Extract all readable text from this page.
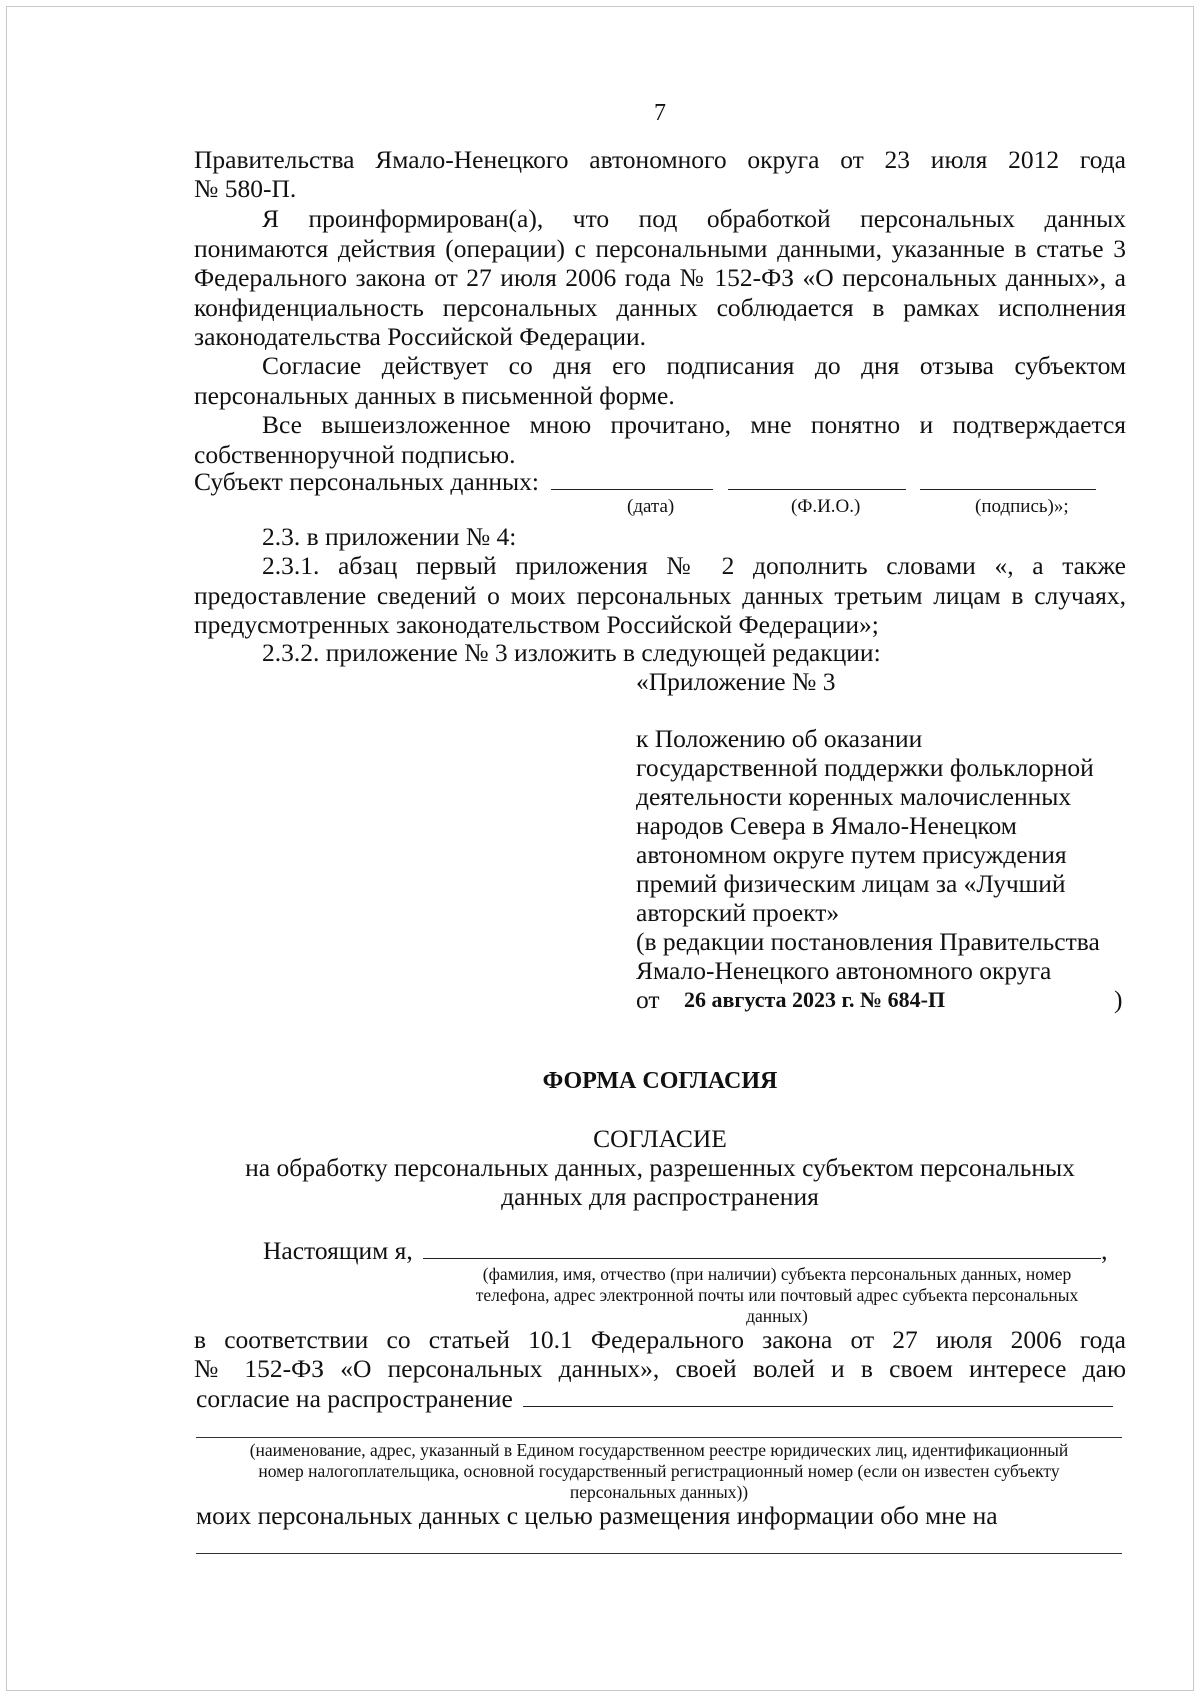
7
Правительства Ямало-Ненецкого автономного округа от 23 июля 2012 года
№ 580-П.

Я проинформирован(а), что под обработкой персональных данных понимаются действия (операции) с персональными данными, указанные в статье 3 Федерального закона от 27 июля 2006 года № 152-ФЗ «О персональных данных», а конфиденциальность персональных данных соблюдается в рамках исполнения законодательства Российской Федерации.

Согласие действует со дня его подписания до дня отзыва субъектом персональных данных в письменной форме.

Все вышеизложенное мною прочитано, мне понятно и подтверждается собственноручной подписью.

Субъект персональных данных:
(дата)	(Ф.И.О.)	(подпись)»;
2.3. в приложении № 4:

2.3.1. абзац первый приложения № 2 дополнить словами «, а также предоставление сведений о моих персональных данных третьим лицам в случаях, предусмотренных законодательством Российской Федерации»;

2.3.2. приложение № 3 изложить в следующей редакции:
«Приложение № 3
к Положению об оказании
государственной поддержки фольклорной
деятельности коренных малочисленных
народов Севера в Ямало-Ненецком
автономном округе путем присуждения
премий физическим лицам за «Лучший
авторский проект»
(в редакции постановления Правительства
Ямало-Ненецкого автономного округа
от 26 августа 2023 г. № 684-П	)
ФОРМА СОГЛАСИЯ
СОГЛАСИЕ
на обработку персональных данных, разрешенных субъектом персональных
данных для распространения
Настоящим я,	,
(фамилия, имя, отчество (при наличии) субъекта персональных данных, номер
телефона, адрес электронной почты или почтовый адрес субъекта персональных
данных)
в соответствии со статьей 10.1 Федерального закона от 27 июля 2006 года
№ 152-ФЗ «О персональных данных», своей волей и в своем интересе даю
согласие на распространение
(наименование, адрес, указанный в Едином государственном реестре юридических лиц, идентификационный
номер налогоплательщика, основной государственный регистрационный номер (если он известен субъекту
персональных данных))
моих персональных данных с целью размещения информации обо мне на
